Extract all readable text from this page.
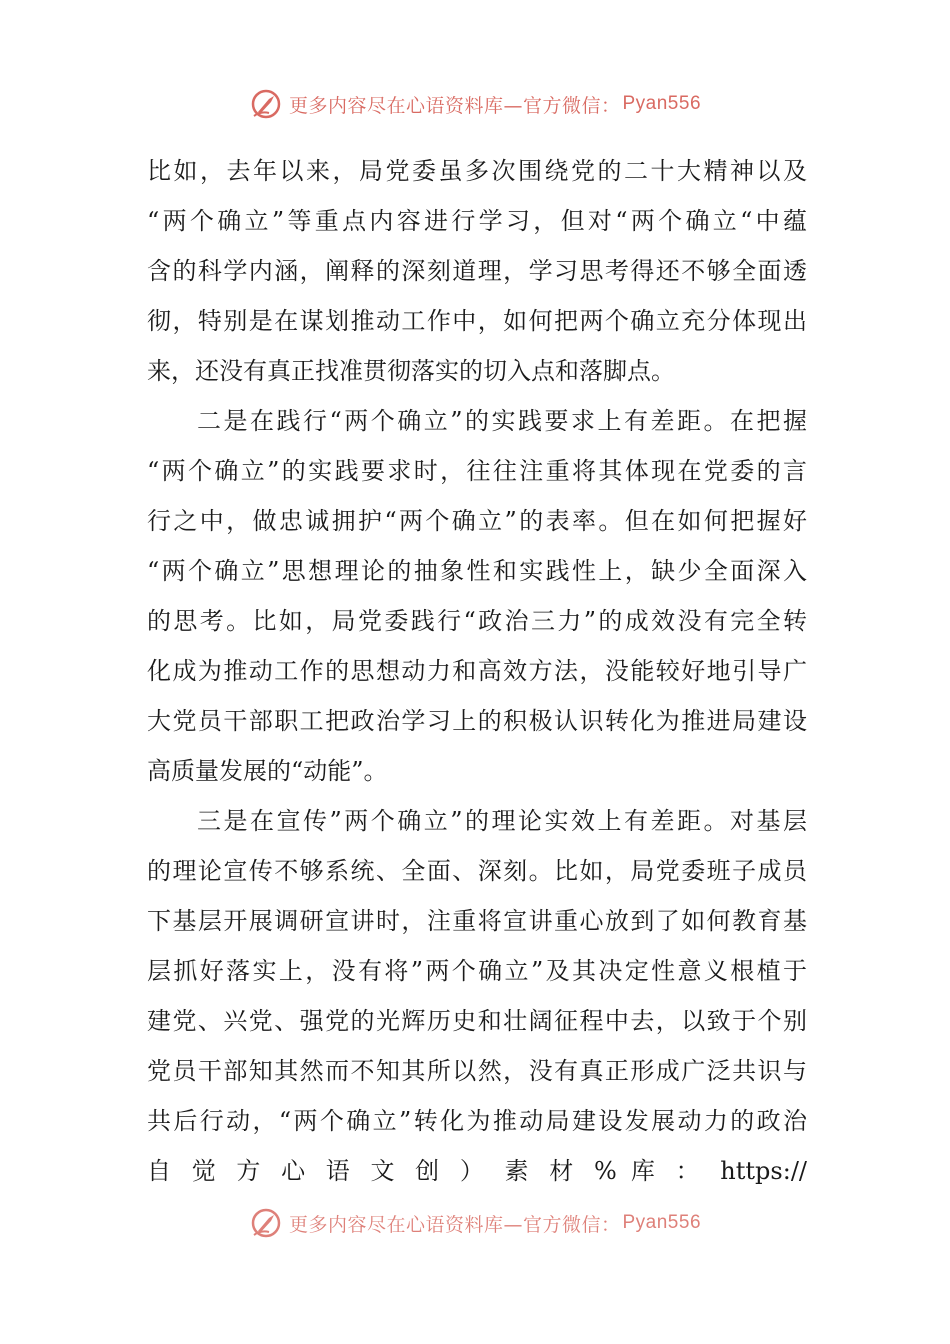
更多内容尽在心语资料库—官方微信： Pyan556
比如，去年以来，局党委虽多次围绕党的二十大精神以及
“两个确立”等重点内容进行学习，但对“两个确立“中蕴
含的科学内涵，阐释的深刻道理，学习思考得还不够全面透
彻，特别是在谋划推动工作中，如何把两个确立充分体现出
来，还没有真正找准贯彻落实的切入点和落脚点。
二是在践行“两个确立”的实践要求上有差距。在把握
“两个确立”的实践要求时，往往注重将其体现在党委的言
行之中，做忠诚拥护“两个确立”的表率。但在如何把握好
“两个确立”思想理论的抽象性和实践性上，缺少全面深入
的思考。比如，局党委践行“政治三力”的成效没有完全转
化成为推动工作的思想动力和高效方法，没能较好地引导广
大党员干部职工把政治学习上的积极认识转化为推进局建设
高质量发展的“动能”。
三是在宣传”两个确立”的理论实效上有差距。对基层
的理论宣传不够系统、全面、深刻。比如，局党委班子成员
下基层开展调研宣讲时，注重将宣讲重心放到了如何教育基
层抓好落实上，没有将”两个确立”及其决定性意义根植于
建党、兴党、强党的光辉历史和壮阔征程中去，以致于个别
党员干部知其然而不知其所以然，没有真正形成广泛共识与
共后行动，“两个确立”转化为推动局建设发展动力的政治
自 觉 方 心 语 文 创 ） 素 材 % 库 ： https://
更多内容尽在心语资料库—官方微信： Pyan556
